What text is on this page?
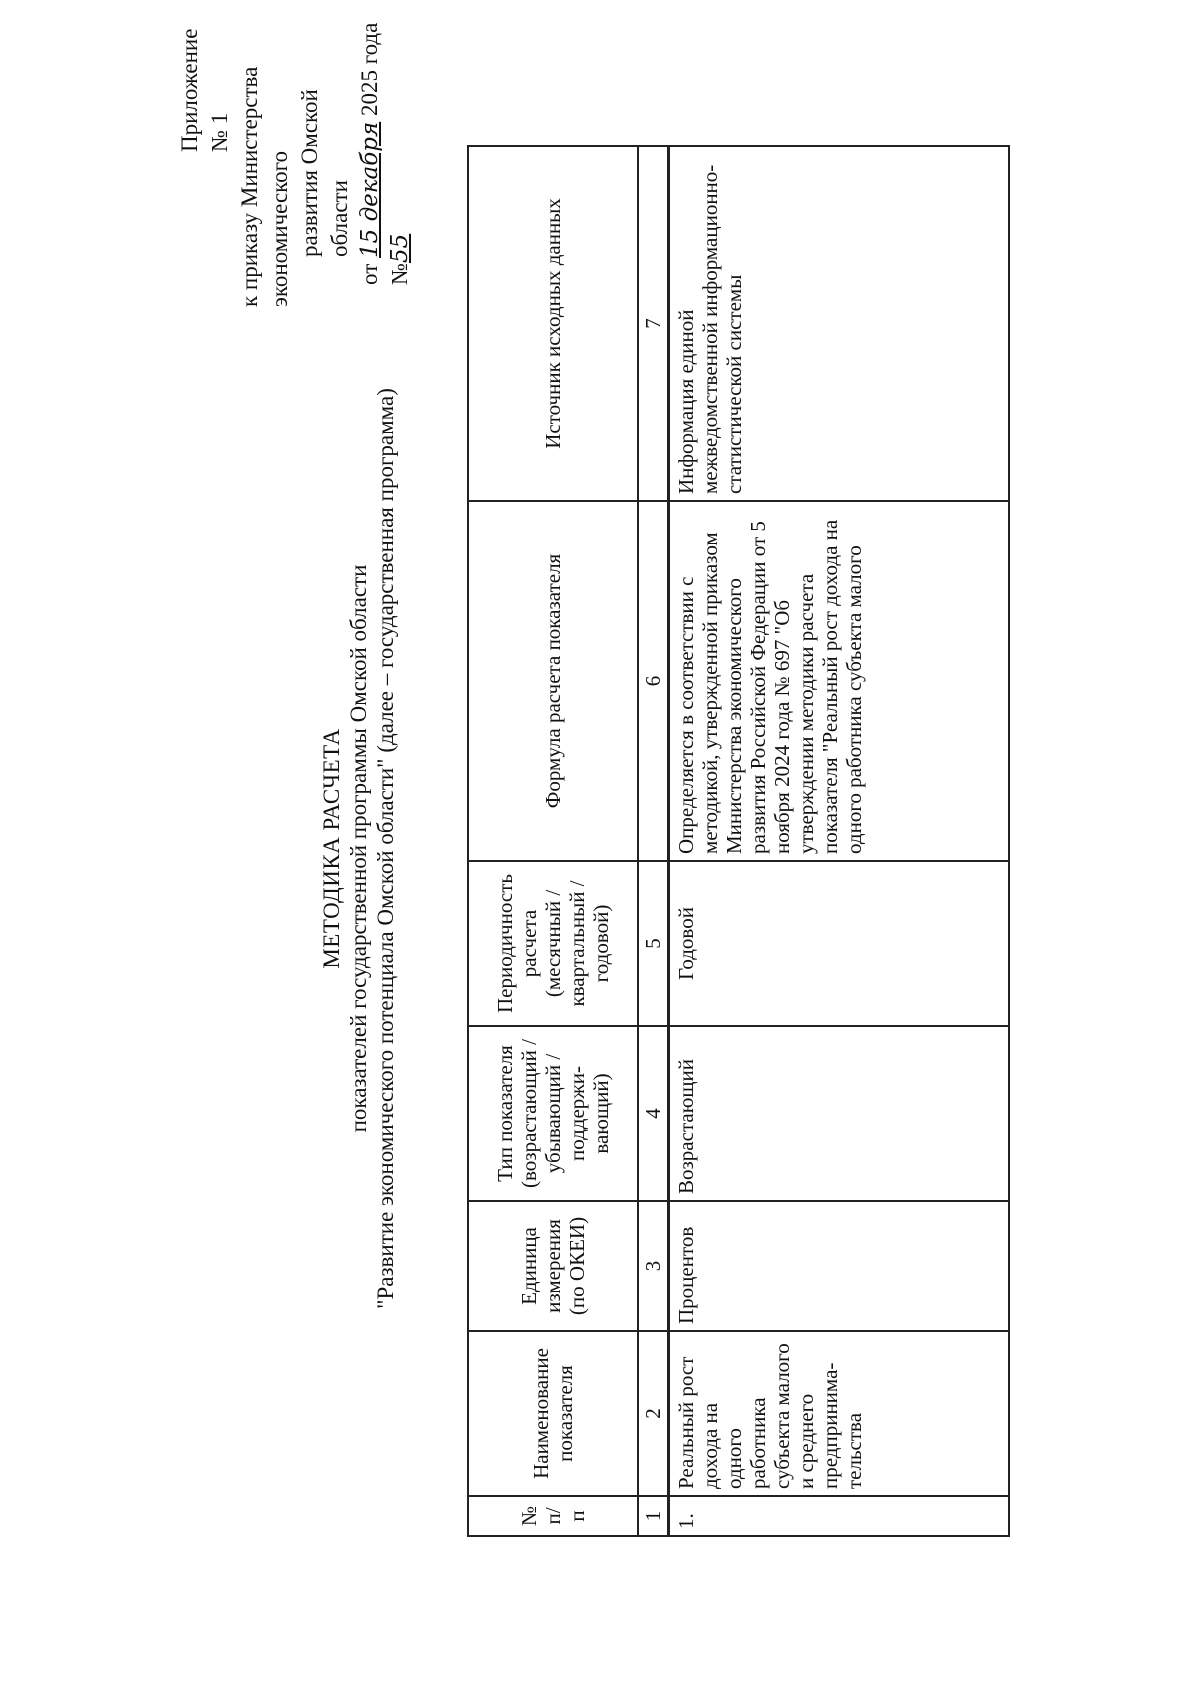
Приложение № 1 к приказу Министерства экономического развития Омской области
от 15 декабря 2025 года №55
МЕТОДИКА РАСЧЕТА показателей государственной программы Омской области "Развитие экономического потенциала Омской области" (далее – государственная программа)
№ п/п	Наименование показателя	Единица измерения (по ОКЕИ)	Тип показателя (возрастающий / убывающий / поддержи-вающий)	Периодичность расчета (месячный / квартальный / годовой)	Формула расчета показателя	Источник исходных данных
1	2	3	4	5	6	7
1.	Реальный рост дохода на одного работника субъекта малого и среднего предпринима-тельства	Процентов	Возрастающий	Годовой	Определяется в соответствии с методикой, утвержденной приказом Министерства экономического развития Российской Федерации от 5 ноября 2024 года № 697 "Об утверждении методики расчета показателя "Реальный рост дохода на одного работника субъекта малого	Информация единой межведомственной информационно-статистической системы
